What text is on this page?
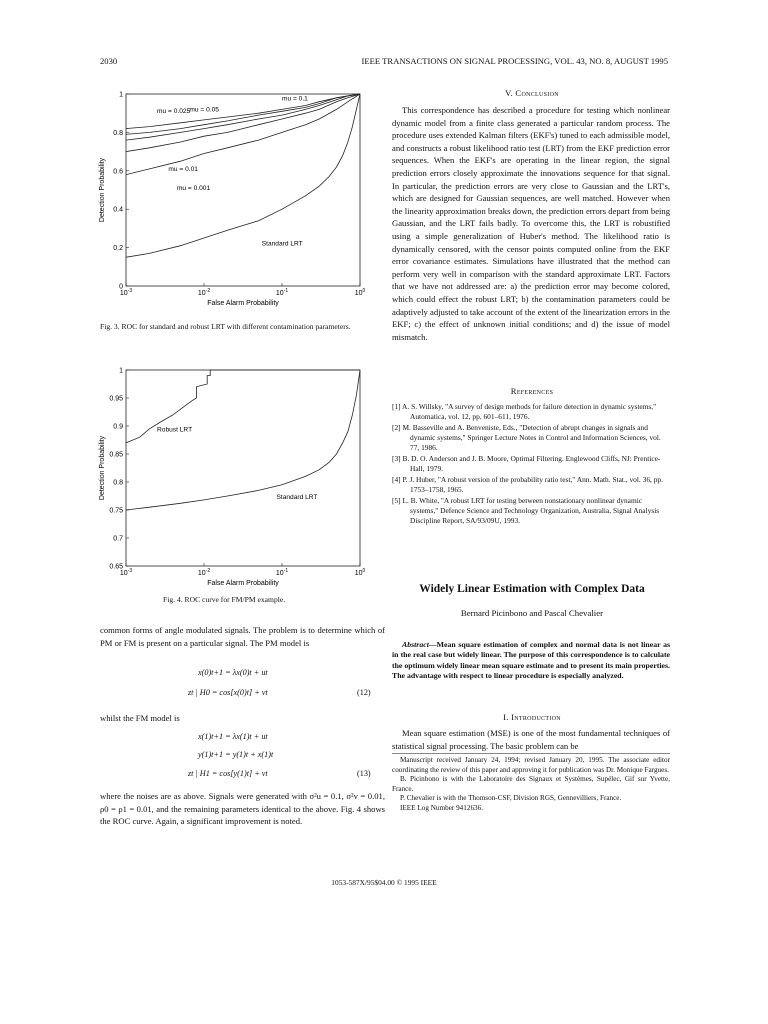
2030	IEEE TRANSACTIONS ON SIGNAL PROCESSING, VOL. 43, NO. 8, AUGUST 1995
$10^{-3}$	$10^{-2}$	$10^{-1}$	$10^0$
0
0.2
0.4
0.6
0.8
1
False Alarm Probability
Detection Probability
mu = 0.1
mu = 0.025 mu = 0.05
mu = 0.01
mu = 0.001
Standard LRT
Fig. 3. ROC for standard and robust LRT with different contamination parameters.
$10^{-3}$	$10^{-2}$	$10^{-1}$	$10^0$
0.65
0.7
0.75
0.8
0.85
0.9
0.95
1
False Alarm Probability
Detection Probability
Robust LRT
Standard LRT
Fig. 4. ROC curve for FM/PM example.
common forms of angle modulated signals. The problem is to determine which of PM or FM is present on a particular signal. The PM model is
x(0)t+1 = λx(0)t + ut
zt | H0 = cos[x(0)t] + vt	(12)
whilst the FM model is
x(1)t+1 = λx(1)t + ut
y(1)t+1 = y(1)t + x(1)t
zt | H1 = cos[y(1)t] + vt	(13)
where the noises are as above. Signals were generated with σ²u = 0.1, σ²v = 0.01, ρ0 = ρ1 = 0.01, and the remaining parameters identical to the above. Fig. 4 shows the ROC curve. Again, a significant improvement is noted.
V. Conclusion
This correspondence has described a procedure for testing which nonlinear dynamic model from a finite class generated a particular random process. The procedure uses extended Kalman filters (EKF's) tuned to each admissible model, and constructs a robust likelihood ratio test (LRT) from the EKF prediction error sequences. When the EKF's are operating in the linear region, the signal prediction errors closely approximate the innovations sequence for that signal. In particular, the prediction errors are very close to Gaussian and the LRT's, which are designed for Gaussian sequences, are well matched. However when the linearity approximation breaks down, the prediction errors depart from being Gaussian, and the LRT fails badly. To overcome this, the LRT is robustified using a simple generalization of Huber's method. The likelihood ratio is dynamically censored, with the censor points computed online from the EKF error covariance estimates. Simulations have illustrated that the method can perform very well in comparison with the standard approximate LRT. Factors that we have not addressed are: a) the prediction error may become colored, which could effect the robust LRT; b) the contamination parameters could be adaptively adjusted to take account of the extent of the linearization errors in the EKF; c) the effect of unknown initial conditions; and d) the issue of model mismatch.
References

[1] A. S. Willsky, "A survey of design methods for failure detection in dynamic systems," Automatica, vol. 12, pp. 601–611, 1976.

[2] M. Basseville and A. Benveniste, Eds., "Detection of abrupt changes in signals and dynamic systems," Springer Lecture Notes in Control and Information Sciences, vol. 77, 1986.

[3] B. D. O. Anderson and J. B. Moore, Optimal Filtering. Englewood Cliffs, NJ: Prentice-Hall, 1979.

[4] P. J. Huber, "A robust version of the probability ratio test," Ann. Math. Stat., vol. 36, pp. 1753–1758, 1965.

[5] L. B. White, "A robust LRT for testing between nonstationary nonlinear dynamic systems," Defence Science and Technology Organization, Australia, Signal Analysis Discipline Report, SA/93/09U, 1993.

Widely Linear Estimation with Complex Data
Bernard Picinbono and Pascal Chevalier
Abstract—Mean square estimation of complex and normal data is not linear as in the real case but widely linear. The purpose of this correspondence is to calculate the optimum widely linear mean square estimate and to present its main properties. The advantage with respect to linear procedure is especially analyzed.
I. Introduction
Mean square estimation (MSE) is one of the most fundamental techniques of statistical signal processing. The basic problem can be
Manuscript received January 24, 1994; revised January 20, 1995. The associate editor coordinating the review of this paper and approving it for publication was Dr. Monique Fargues.
B. Picinbono is with the Laboratoire des Signaux et Systèmes, Supélec, Gif sur Yvette, France.
P. Chevalier is with the Thomson-CSF, Division RGS, Gennevilliers, France.
IEEE Log Number 9412636.
1053-587X/95$04.00 © 1995 IEEE
